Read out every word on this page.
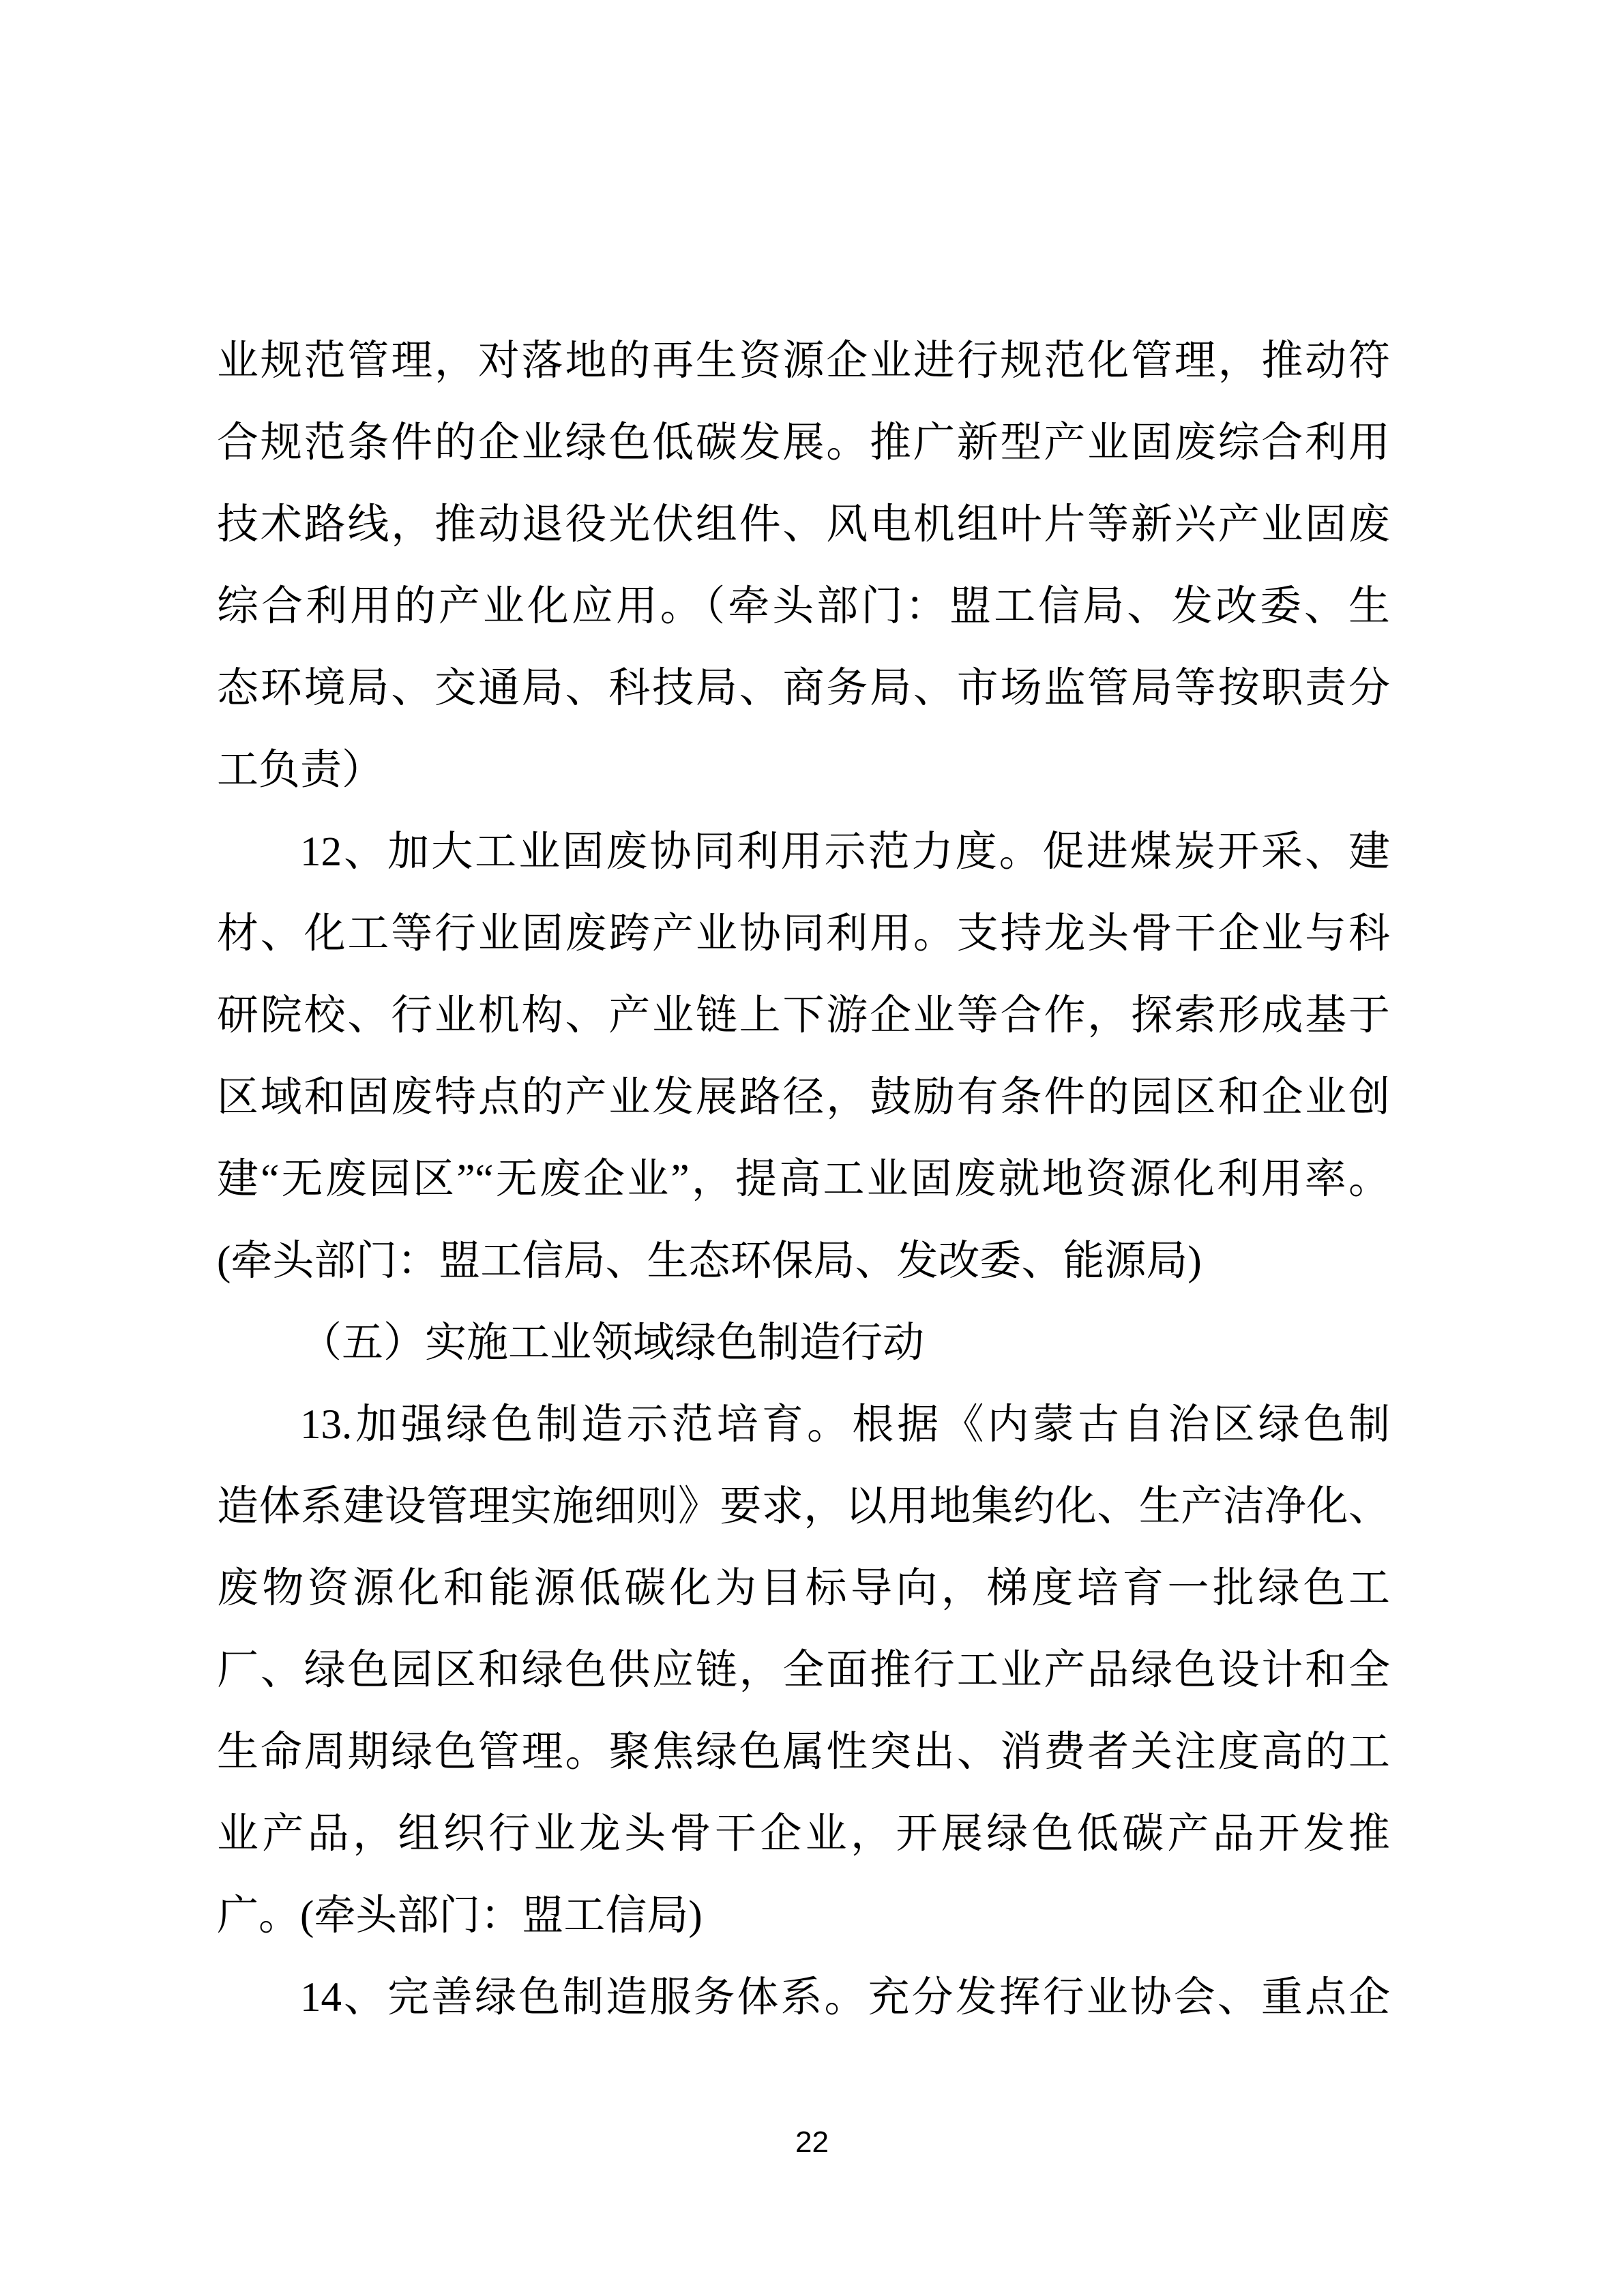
业规范管理，对落地的再生资源企业进行规范化管理，推动符
合规范条件的企业绿色低碳发展。推广新型产业固废综合利用
技术路线，推动退役光伏组件、风电机组叶片等新兴产业固废
综合利用的产业化应用。（牵头部门：盟工信局、发改委、生
态环境局、交通局、科技局、商务局、市场监管局等按职责分
工负责）
12、加大工业固废协同利用示范力度。促进煤炭开采、建
材、化工等行业固废跨产业协同利用。支持龙头骨干企业与科
研院校、行业机构、产业链上下游企业等合作，探索形成基于
区域和固废特点的产业发展路径，鼓励有条件的园区和企业创
建“无废园区”“无废企业”，提高工业固废就地资源化利用率。
(牵头部门：盟工信局、生态环保局、发改委、能源局)
（五）实施工业领域绿色制造行动
13.加强绿色制造示范培育。根据《内蒙古自治区绿色制
造体系建设管理实施细则》要求，以用地集约化、生产洁净化、
废物资源化和能源低碳化为目标导向，梯度培育一批绿色工
厂、绿色园区和绿色供应链，全面推行工业产品绿色设计和全
生命周期绿色管理。聚焦绿色属性突出、消费者关注度高的工
业产品，组织行业龙头骨干企业，开展绿色低碳产品开发推
广。(牵头部门：盟工信局)
14、完善绿色制造服务体系。充分发挥行业协会、重点企
22
